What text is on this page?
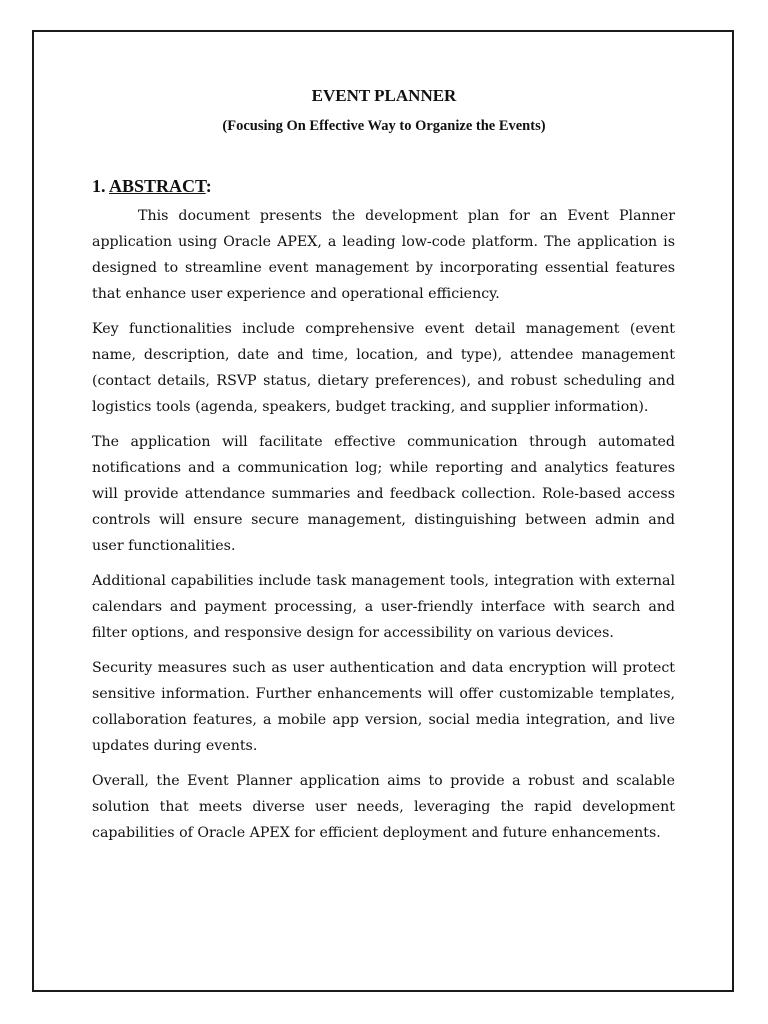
EVENT PLANNER
(Focusing On Effective Way to Organize the Events)
1. ABSTRACT:

This document presents the development plan for an Event Planner application using Oracle APEX, a leading low-code platform. The application is designed to streamline event management by incorporating essential features that enhance user experience and operational efficiency.

Key functionalities include comprehensive event detail management (event name, description, date and time, location, and type), attendee management (contact details, RSVP status, dietary preferences), and robust scheduling and logistics tools (agenda, speakers, budget tracking, and supplier information).

The application will facilitate effective communication through automated notifications and a communication log; while reporting and analytics features will provide attendance summaries and feedback collection. Role-based access controls will ensure secure management, distinguishing between admin and user functionalities.

Additional capabilities include task management tools, integration with external calendars and payment processing, a user-friendly interface with search and filter options, and responsive design for accessibility on various devices.

Security measures such as user authentication and data encryption will protect sensitive information. Further enhancements will offer customizable templates, collaboration features, a mobile app version, social media integration, and live updates during events.

Overall, the Event Planner application aims to provide a robust and scalable solution that meets diverse user needs, leveraging the rapid development capabilities of Oracle APEX for efficient deployment and future enhancements.
